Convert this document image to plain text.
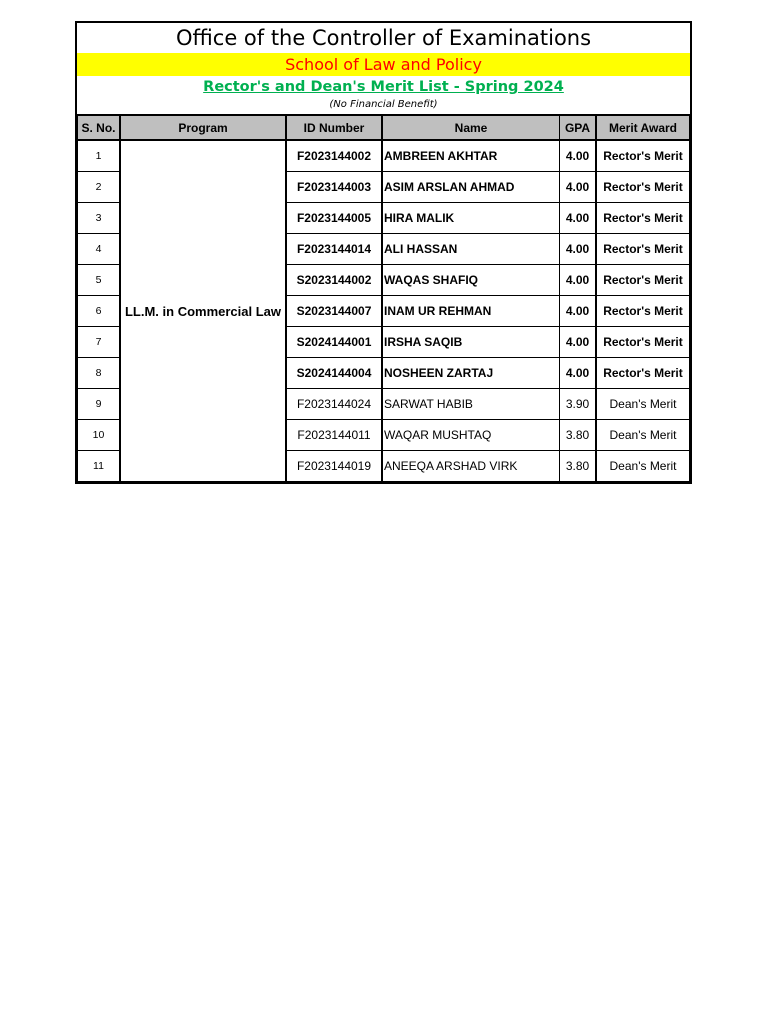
Office of the Controller of Examinations
School of Law and Policy
Rector's and Dean's Merit List - Spring 2024
(No Financial Benefit)
S. No.	Program	ID Number	Name	GPA	Merit Award
1	LL.M. in Commercial Law	F2023144002	AMBREEN AKHTAR	4.00	Rector's Merit
2		F2023144003	ASIM ARSLAN AHMAD	4.00	Rector's Merit
3		F2023144005	HIRA MALIK	4.00	Rector's Merit
4		F2023144014	ALI HASSAN	4.00	Rector's Merit
5		S2023144002	WAQAS SHAFIQ	4.00	Rector's Merit
6		S2023144007	INAM UR REHMAN	4.00	Rector's Merit
7		S2024144001	IRSHA SAQIB	4.00	Rector's Merit
8		S2024144004	NOSHEEN ZARTAJ	4.00	Rector's Merit
9		F2023144024	SARWAT HABIB	3.90	Dean's Merit
10		F2023144011	WAQAR MUSHTAQ	3.80	Dean's Merit
11		F2023144019	ANEEQA ARSHAD VIRK	3.80	Dean's Merit
